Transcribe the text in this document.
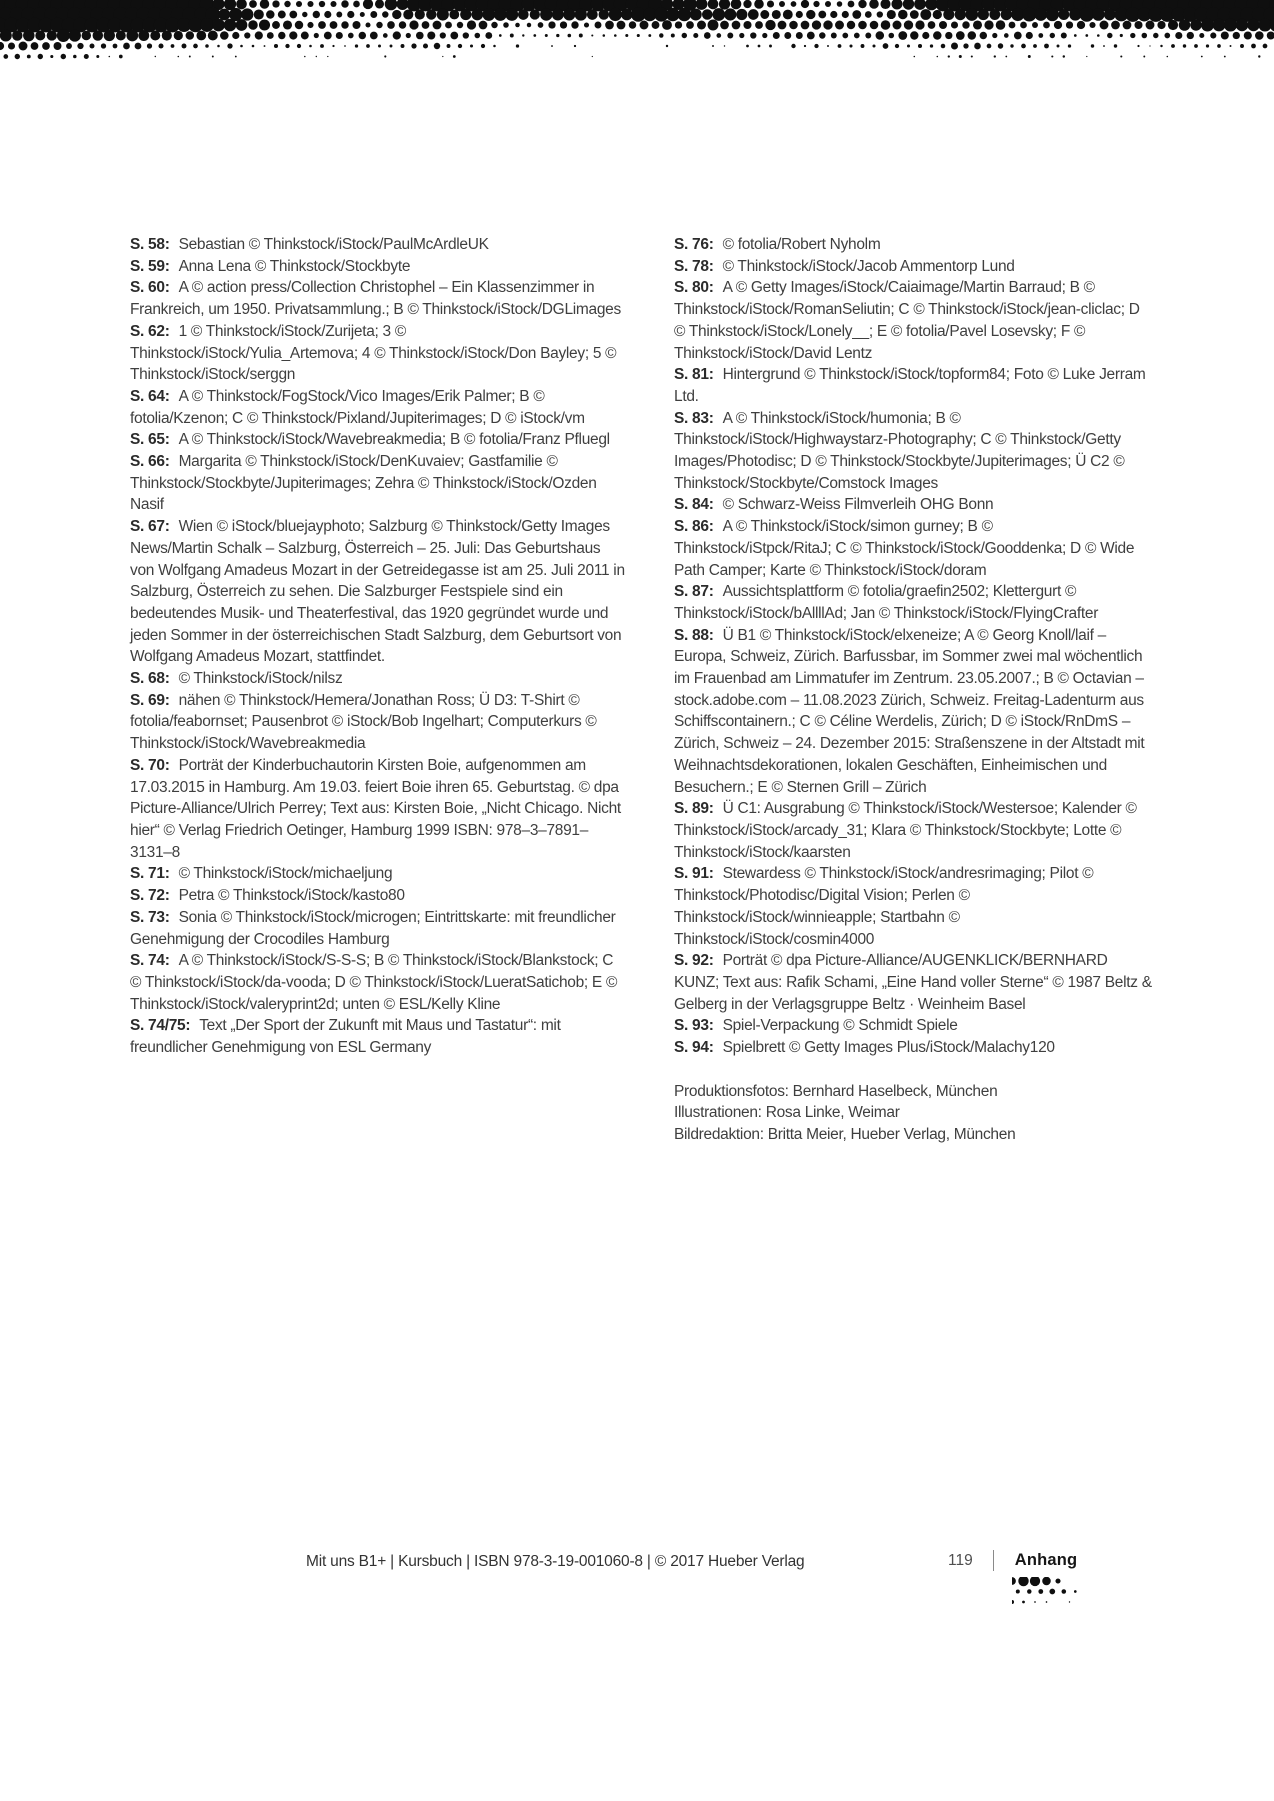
S. 58: Sebastian © Thinkstock/iStock/PaulMcArdleUK

S. 59: Anna Lena © Thinkstock/Stockbyte

S. 60: A © action press/Collection Christophel – Ein Klassenzimmer in Frankreich, um 1950. Privatsammlung.; B © Thinkstock/iStock/DGLimages

S. 62: 1 © Thinkstock/iStock/Zurijeta; 3 © Thinkstock/iStock/Yulia_Artemova; 4 © Thinkstock/iStock/Don Bayley; 5 © Thinkstock/iStock/serggn

S. 64: A © Thinkstock/FogStock/Vico Images/Erik Palmer; B © fotolia/Kzenon; C © Thinkstock/Pixland/Jupiterimages; D © iStock/vm

S. 65: A © Thinkstock/iStock/Wavebreakmedia; B © fotolia/Franz Pfluegl

S. 66: Margarita © Thinkstock/iStock/DenKuvaiev; Gastfamilie © Thinkstock/Stockbyte/Jupiterimages; Zehra © Thinkstock/iStock/Ozden Nasif

S. 67: Wien © iStock/bluejayphoto; Salzburg © Thinkstock/Getty Images News/Martin Schalk – Salzburg, Österreich – 25. Juli: Das Geburtshaus von Wolfgang Amadeus Mozart in der Getreidegasse ist am 25. Juli 2011 in Salzburg, Österreich zu sehen. Die Salzburger Festspiele sind ein bedeutendes Musik- und Theaterfestival, das 1920 gegründet wurde und jeden Sommer in der österreichischen Stadt Salzburg, dem Geburtsort von Wolfgang Amadeus Mozart, stattfindet.

S. 68: © Thinkstock/iStock/nilsz

S. 69: nähen © Thinkstock/Hemera/Jonathan Ross; Ü D3: T-Shirt © fotolia/feabornset; Pausenbrot © iStock/Bob Ingelhart; Computerkurs © Thinkstock/iStock/Wavebreakmedia

S. 70: Porträt der Kinderbuchautorin Kirsten Boie, aufgenommen am 17.03.2015 in Hamburg. Am 19.03. feiert Boie ihren 65. Geburtstag. © dpa Picture-Alliance/Ulrich Perrey; Text aus: Kirsten Boie, „Nicht Chicago. Nicht hier“ © Verlag Friedrich Oetinger, Hamburg 1999 ISBN: 978–3–7891–3131–8

S. 71: © Thinkstock/iStock/michaeljung

S. 72: Petra © Thinkstock/iStock/kasto80

S. 73: Sonia © Thinkstock/iStock/microgen; Eintrittskarte: mit freundlicher Genehmigung der Crocodiles Hamburg

S. 74: A © Thinkstock/iStock/S-S-S; B © Thinkstock/iStock/Blankstock; C © Thinkstock/iStock/da-vooda; D © Thinkstock/iStock/LueratSatichob; E © Thinkstock/iStock/valeryprint2d; unten © ESL/Kelly Kline

S. 74/75: Text „Der Sport der Zukunft mit Maus und Tastatur“: mit freundlicher Genehmigung von ESL Germany

S. 76: © fotolia/Robert Nyholm

S. 78: © Thinkstock/iStock/Jacob Ammentorp Lund

S. 80: A © Getty Images/iStock/Caiaimage/Martin Barraud; B © Thinkstock/iStock/RomanSeliutin; C © Thinkstock/iStock/jean-cliclac; D © Thinkstock/iStock/Lonely__; E © fotolia/Pavel Losevsky; F © Thinkstock/iStock/David Lentz

S. 81: Hintergrund © Thinkstock/iStock/topform84; Foto © Luke Jerram Ltd.

S. 83: A © Thinkstock/iStock/humonia; B © Thinkstock/iStock/Highwaystarz-Photography; C © Thinkstock/Getty Images/Photodisc; D © Thinkstock/Stockbyte/Jupiterimages; Ü C2 © Thinkstock/Stockbyte/Comstock Images

S. 84: © Schwarz-Weiss Filmverleih OHG Bonn

S. 86: A © Thinkstock/iStock/simon gurney; B © Thinkstock/iStpck/RitaJ; C © Thinkstock/iStock/Gooddenka; D © Wide Path Camper; Karte © Thinkstock/iStock/doram

S. 87: Aussichtsplattform © fotolia/graefin2502; Klettergurt © Thinkstock/iStock/bAllllAd; Jan © Thinkstock/iStock/FlyingCrafter

S. 88: Ü B1 © Thinkstock/iStock/elxeneize; A © Georg Knoll/laif – Europa, Schweiz, Zürich. Barfussbar, im Sommer zwei mal wöchentlich im Frauenbad am Limmatufer im Zentrum. 23.05.2007.; B © Octavian – stock.adobe.com – 11.08.2023 Zürich, Schweiz. Freitag-Ladenturm aus Schiffscontainern.; C © Céline Werdelis, Zürich; D © iStock/RnDmS – Zürich, Schweiz – 24. Dezember 2015: Straßenszene in der Altstadt mit Weihnachtsdekorationen, lokalen Geschäften, Einheimischen und Besuchern.; E © Sternen Grill – Zürich

S. 89: Ü C1: Ausgrabung © Thinkstock/iStock/Westersoe; Kalender © Thinkstock/iStock/arcady_31; Klara © Thinkstock/Stockbyte; Lotte © Thinkstock/iStock/kaarsten

S. 91: Stewardess © Thinkstock/iStock/andresrimaging; Pilot © Thinkstock/Photodisc/Digital Vision; Perlen © Thinkstock/iStock/winnieapple; Startbahn © Thinkstock/iStock/cosmin4000

S. 92: Porträt © dpa Picture-Alliance/AUGENKLICK/BERNHARD KUNZ; Text aus: Rafik Schami, „Eine Hand voller Sterne“ © 1987 Beltz & Gelberg in der Verlagsgruppe Beltz · Weinheim Basel

S. 93: Spiel-Verpackung © Schmidt Spiele

S. 94: Spielbrett © Getty Images Plus/iStock/Malachy120

Produktionsfotos: Bernhard Haselbeck, München

Illustrationen: Rosa Linke, Weimar

Bildredaktion: Britta Meier, Hueber Verlag, München

Mit uns B1+ | Kursbuch | ISBN 978-3-19-001060-8 | © 2017 Hueber Verlag	119	Anhang
